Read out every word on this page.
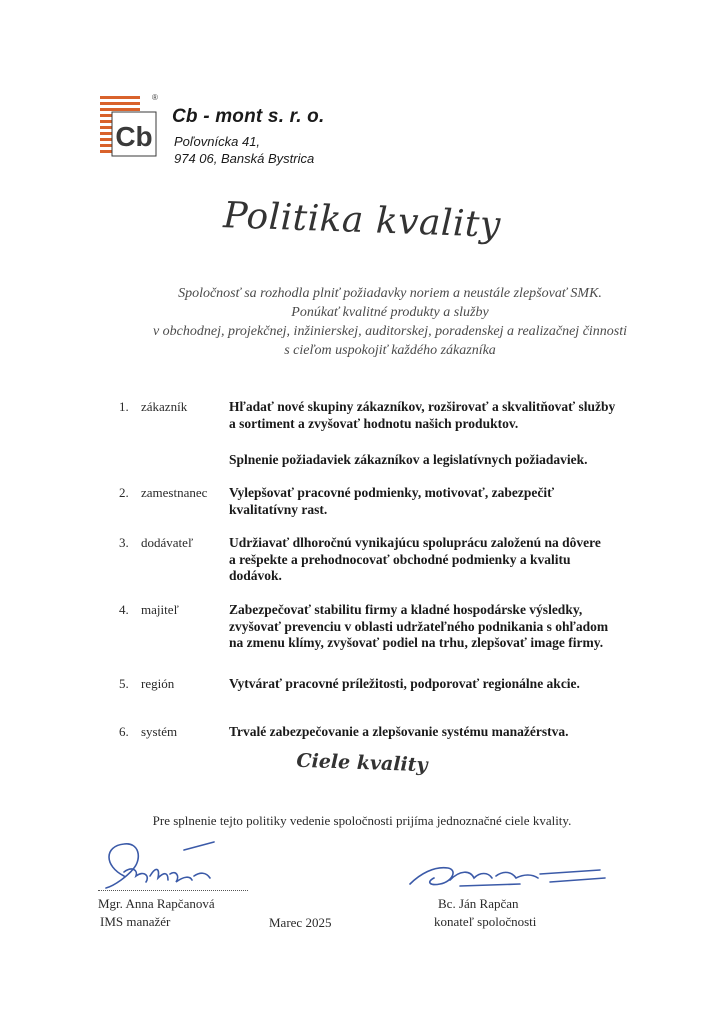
Cb
®
Cb - mont s. r. o.
Poľovnícka 41,
974 06, Banská Bystrica
Politika kvality
Spoločnosť sa rozhodla plniť požiadavky noriem a neustále zlepšovať SMK.
Ponúkať kvalitné produkty a služby
v obchodnej, projekčnej, inžinierskej, auditorskej, poradenskej a realizačnej činnosti
s cieľom uspokojiť každého zákazníka
1. zákazník	Hľadať nové skupiny zákazníkov, rozširovať a skvalitňovať služby
a sortiment a zvyšovať hodnotu našich produktov.
Splnenie požiadaviek zákazníkov a legislatívnych požiadaviek.
2. zamestnanec Vylepšovať pracovné podmienky, motivovať, zabezpečiť
kvalitatívny rast.
3. dodávateľ	Udržiavať dlhoročnú vynikajúcu spoluprácu založenú na dôvere
a rešpekte a prehodnocovať obchodné podmienky a kvalitu
dodávok.
4. majiteľ	Zabezpečovať stabilitu firmy a kladné hospodárske výsledky,
zvyšovať prevenciu v oblasti udržateľného podnikania s ohľadom
na zmenu klímy, zvyšovať podiel na trhu, zlepšovať image firmy.
5. región	Vytvárať pracovné príležitosti, podporovať regionálne akcie.
6. systém	Trvalé zabezpečovanie a zlepšovanie systému manažérstva.
Ciele kvality
Pre splnenie tejto politiky vedenie spoločnosti prijíma jednoznačné ciele kvality.
Mgr. Anna Rapčanová
IMS manažér	Marec 2025
Bc. Ján Rapčan
konateľ spoločnosti
